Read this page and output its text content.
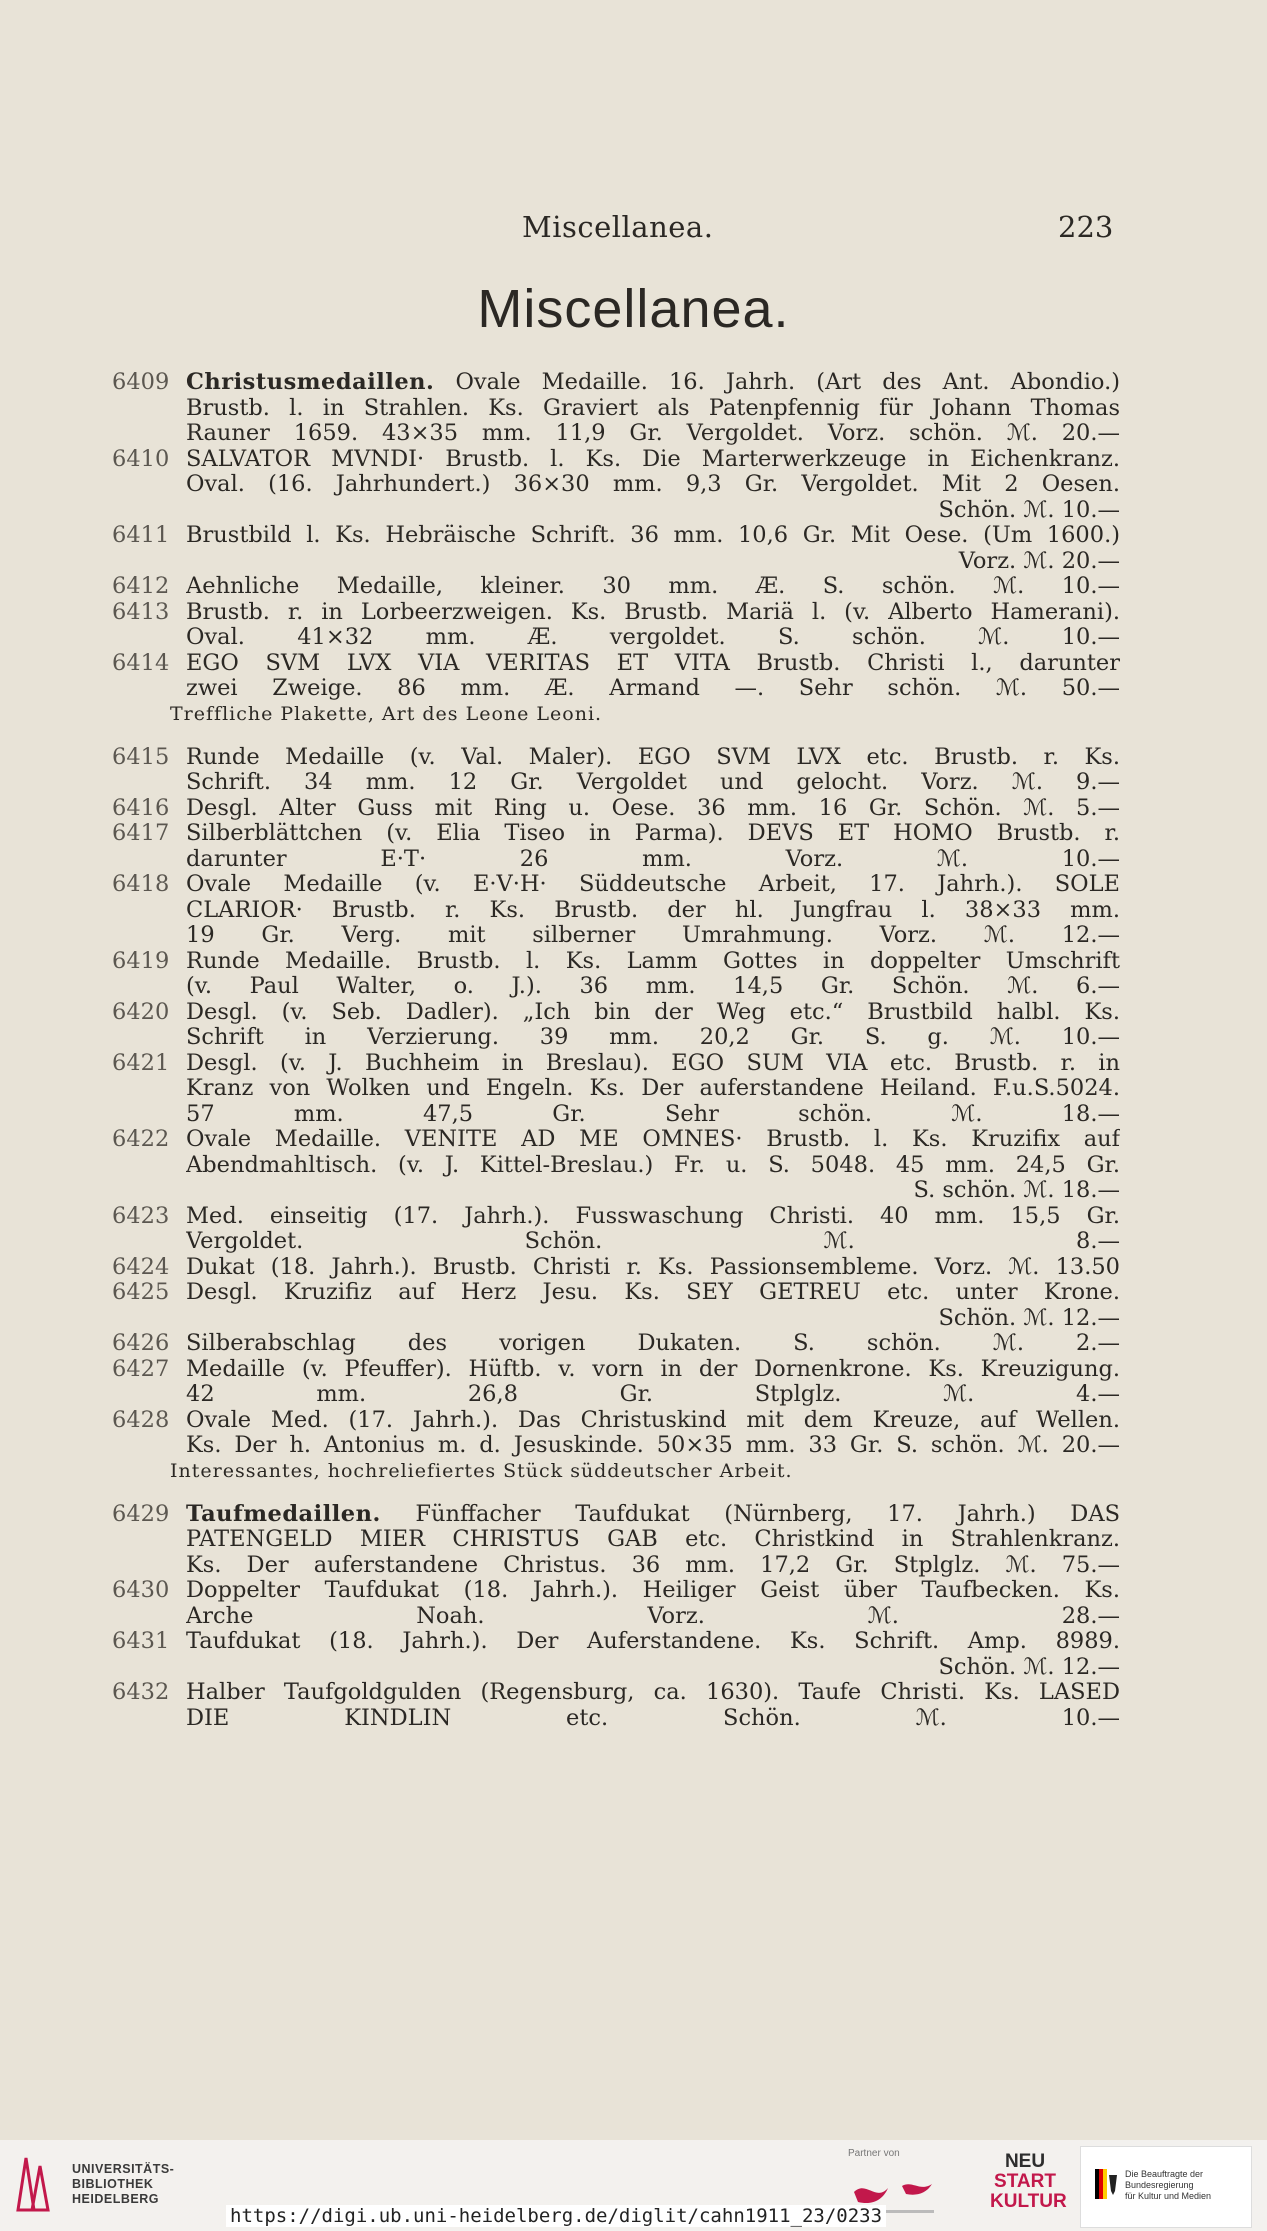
Miscellanea.	223
Miscellanea.
6409 Christusmedaillen. Ovale Medaille. 16. Jahrh. (Art des Ant. Abondio.)
Brustb. l. in Strahlen. Ks. Graviert als Patenpfennig für Johann Thomas
Rauner 1659. 43×35 mm. 11,9 Gr. Vergoldet. Vorz. schön. ℳ. 20.—
6410 SALVATOR MVNDI· Brustb. l. Ks. Die Marterwerkzeuge in Eichenkranz.
Oval. (16. Jahrhundert.) 36×30 mm. 9,3 Gr. Vergoldet. Mit 2 Oesen.
Schön. ℳ. 10.—
6411 Brustbild l. Ks. Hebräische Schrift. 36 mm. 10,6 Gr. Mit Oese. (Um 1600.)
Vorz. ℳ. 20.—
6412 Aehnliche Medaille, kleiner. 30 mm. Æ. S. schön. ℳ. 10.—
6413 Brustb. r. in Lorbeerzweigen. Ks. Brustb. Mariä l. (v. Alberto Hamerani).
Oval. 41×32 mm. Æ. vergoldet. S. schön. ℳ. 10.—
6414 EGO SVM LVX VIA VERITAS ET VITA Brustb. Christi l., darunter
zwei Zweige. 86 mm. Æ. Armand —. Sehr schön. ℳ. 50.—
Treffliche Plakette, Art des Leone Leoni.
6415 Runde Medaille (v. Val. Maler). EGO SVM LVX etc. Brustb. r. Ks.
Schrift. 34 mm. 12 Gr. Vergoldet und gelocht. Vorz. ℳ. 9.—
6416 Desgl. Alter Guss mit Ring u. Oese. 36 mm. 16 Gr. Schön. ℳ. 5.—
6417 Silberblättchen (v. Elia Tiseo in Parma). DEVS ET HOMO Brustb. r.
darunter E·T· 26 mm. Vorz. ℳ. 10.—
6418 Ovale Medaille (v. E·V·H· Süddeutsche Arbeit, 17. Jahrh.). SOLE
CLARIOR· Brustb. r. Ks. Brustb. der hl. Jungfrau l. 38×33 mm.
19 Gr. Verg. mit silberner Umrahmung. Vorz. ℳ. 12.—
6419 Runde Medaille. Brustb. l. Ks. Lamm Gottes in doppelter Umschrift
(v. Paul Walter, o. J.). 36 mm. 14,5 Gr. Schön. ℳ. 6.—
6420 Desgl. (v. Seb. Dadler). „Ich bin der Weg etc.“ Brustbild halbl. Ks.
Schrift in Verzierung. 39 mm. 20,2 Gr. S. g. ℳ. 10.—
6421 Desgl. (v. J. Buchheim in Breslau). EGO SUM VIA etc. Brustb. r. in
Kranz von Wolken und Engeln. Ks. Der auferstandene Heiland. F.u.S.5024.
57 mm. 47,5 Gr. Sehr schön. ℳ. 18.—
6422 Ovale Medaille. VENITE AD ME OMNES· Brustb. l. Ks. Kruzifix auf
Abendmahltisch. (v. J. Kittel-Breslau.) Fr. u. S. 5048. 45 mm. 24,5 Gr.
S. schön. ℳ. 18.—
6423 Med. einseitig (17. Jahrh.). Fusswaschung Christi. 40 mm. 15,5 Gr.
Vergoldet. Schön. ℳ. 8.—
6424 Dukat (18. Jahrh.). Brustb. Christi r. Ks. Passionsembleme. Vorz. ℳ. 13.50
6425 Desgl. Kruzifiz auf Herz Jesu. Ks. SEY GETREU etc. unter Krone.
Schön. ℳ. 12.—
6426 Silberabschlag des vorigen Dukaten. S. schön. ℳ. 2.—
6427 Medaille (v. Pfeuffer). Hüftb. v. vorn in der Dornenkrone. Ks. Kreuzigung.
42 mm. 26,8 Gr. Stplglz. ℳ. 4.—
6428 Ovale Med. (17. Jahrh.). Das Christuskind mit dem Kreuze, auf Wellen.
Ks. Der h. Antonius m. d. Jesuskinde. 50×35 mm. 33 Gr. S. schön. ℳ. 20.—
Interessantes, hochreliefiertes Stück süddeutscher Arbeit.
6429 Taufmedaillen. Fünffacher Taufdukat (Nürnberg, 17. Jahrh.) DAS
PATENGELD MIER CHRISTUS GAB etc. Christkind in Strahlenkranz.
Ks. Der auferstandene Christus. 36 mm. 17,2 Gr. Stplglz. ℳ. 75.—
6430 Doppelter Taufdukat (18. Jahrh.). Heiliger Geist über Taufbecken. Ks.
Arche Noah. Vorz. ℳ. 28.—
6431 Taufdukat (18. Jahrh.). Der Auferstandene. Ks. Schrift. Amp. 8989.
Schön. ℳ. 12.—
6432 Halber Taufgoldgulden (Regensburg, ca. 1630). Taufe Christi. Ks. LASED
DIE KINDLIN etc. Schön. ℳ. 10.—
UNIVERSITÄTS-
BIBLIOTHEK
HEIDELBERG
Partner von	NEU
START
KULTUR
Die Beauftragte der Bundesregierung
für Kultur und Medien
https://digi.ub.uni-heidelberg.de/diglit/cahn1911_23/0233
